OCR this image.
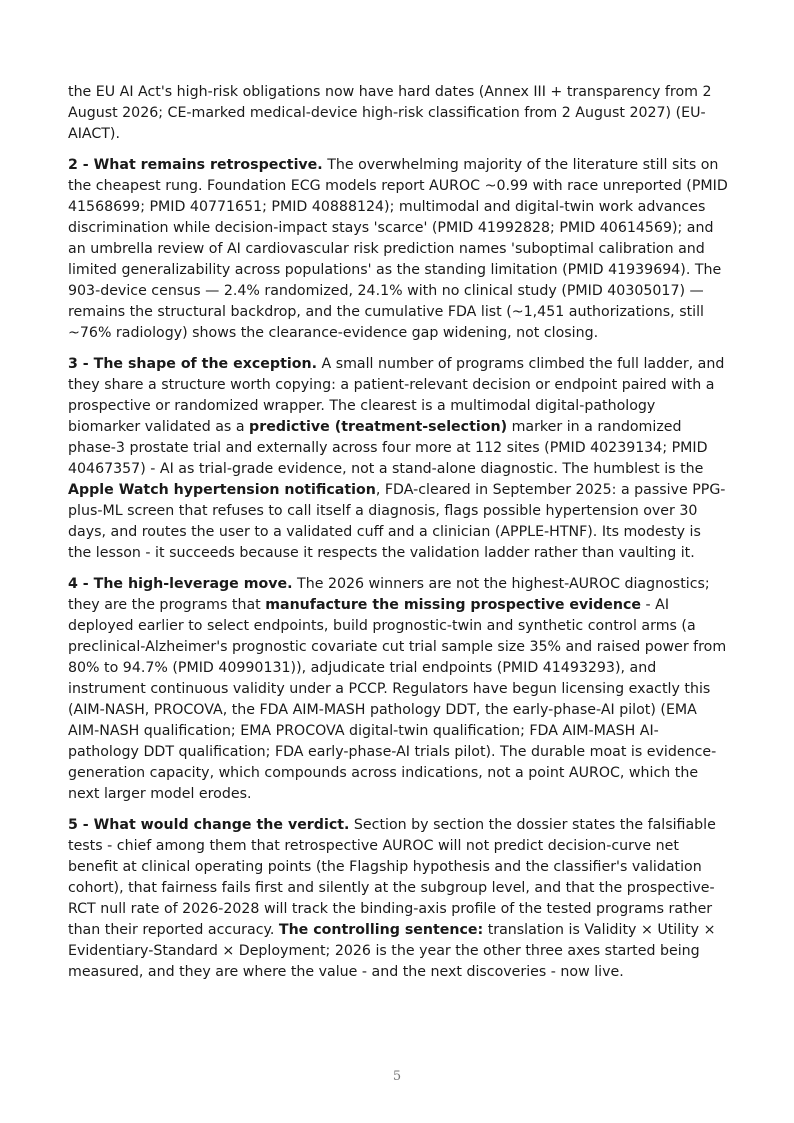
the EU AI Act's high-risk obligations now have hard dates (Annex III + transparency from 2 August 2026; CE-marked medical-device high-risk classification from 2 August 2027) (EU-AIACT).

2 - What remains retrospective. The overwhelming majority of the literature still sits on the cheapest rung. Foundation ECG models report AUROC ~0.99 with race unreported (PMID 41568699; PMID 40771651; PMID 40888124); multimodal and digital-twin work advances discrimination while decision-impact stays 'scarce' (PMID 41992828; PMID 40614569); and an umbrella review of AI cardiovascular risk prediction names 'suboptimal calibration and limited generalizability across populations' as the standing limitation (PMID 41939694). The 903-device census — 2.4% randomized, 24.1% with no clinical study (PMID 40305017) — remains the structural backdrop, and the cumulative FDA list (~1,451 authorizations, still ~76% radiology) shows the clearance-evidence gap widening, not closing.

3 - The shape of the exception. A small number of programs climbed the full ladder, and they share a structure worth copying: a patient-relevant decision or endpoint paired with a prospective or randomized wrapper. The clearest is a multimodal digital-pathology biomarker validated as a predictive (treatment-selection) marker in a randomized phase-3 prostate trial and externally across four more at 112 sites (PMID 40239134; PMID 40467357) - AI as trial-grade evidence, not a stand-alone diagnostic. The humblest is the Apple Watch hypertension notification, FDA-cleared in September 2025: a passive PPG-plus-ML screen that refuses to call itself a diagnosis, flags possible hypertension over 30 days, and routes the user to a validated cuff and a clinician (APPLE-HTNF). Its modesty is the lesson - it succeeds because it respects the validation ladder rather than vaulting it.

4 - The high-leverage move. The 2026 winners are not the highest-AUROC diagnostics; they are the programs that manufacture the missing prospective evidence - AI deployed earlier to select endpoints, build prognostic-twin and synthetic control arms (a preclinical-Alzheimer's prognostic covariate cut trial sample size 35% and raised power from 80% to 94.7% (PMID 40990131)), adjudicate trial endpoints (PMID 41493293), and instrument continuous validity under a PCCP. Regulators have begun licensing exactly this (AIM-NASH, PROCOVA, the FDA AIM-MASH pathology DDT, the early-phase-AI pilot) (EMA AIM-NASH qualification; EMA PROCOVA digital-twin qualification; FDA AIM-MASH AI-pathology DDT qualification; FDA early-phase-AI trials pilot). The durable moat is evidence-generation capacity, which compounds across indications, not a point AUROC, which the next larger model erodes.

5 - What would change the verdict. Section by section the dossier states the falsifiable tests - chief among them that retrospective AUROC will not predict decision-curve net benefit at clinical operating points (the Flagship hypothesis and the classifier's validation cohort), that fairness fails first and silently at the subgroup level, and that the prospective-RCT null rate of 2026-2028 will track the binding-axis profile of the tested programs rather than their reported accuracy. The controlling sentence: translation is Validity × Utility × Evidentiary-Standard × Deployment; 2026 is the year the other three axes started being measured, and they are where the value - and the next discoveries - now live.

5
